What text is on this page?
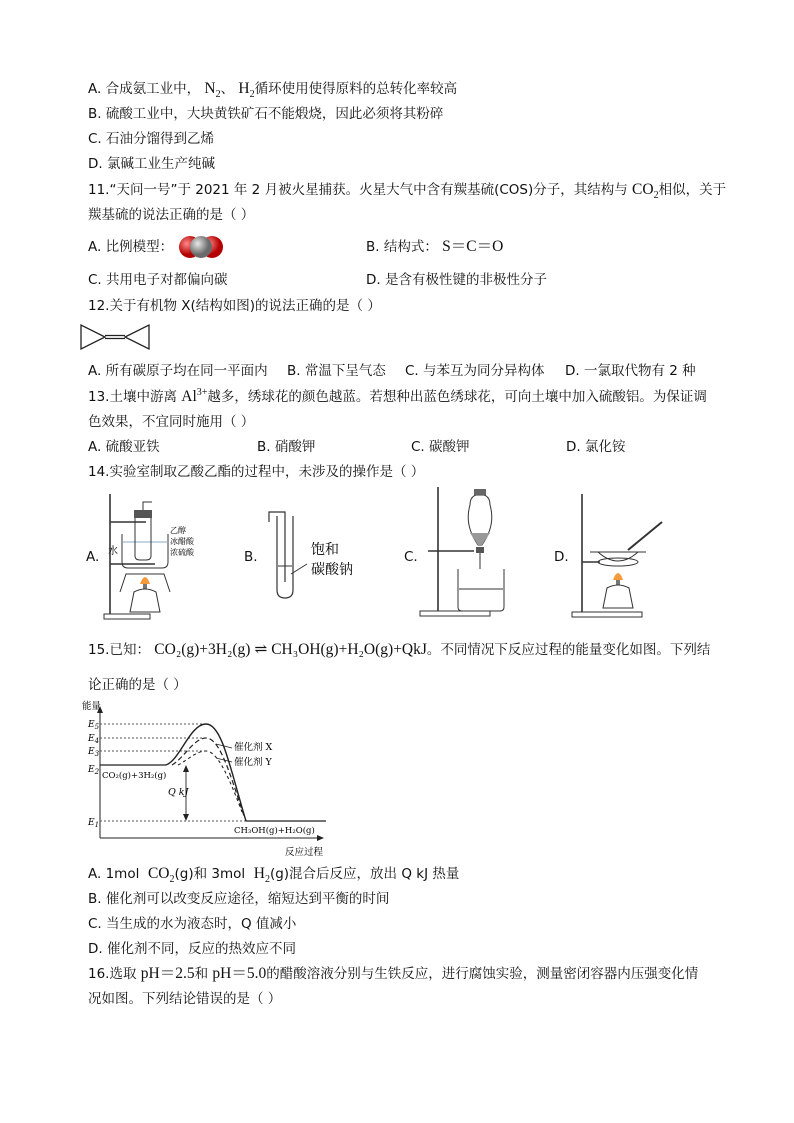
A. 合成氨工业中， $N_2$、 $H_2$循环使用使得原料的总转化率较高
B. 硫酸工业中，大块黄铁矿石不能煅烧，因此必须将其粉碎
C. 石油分馏得到乙烯
D. 氯碱工业生产纯碱
11.“天问一号”于 2021 年 2 月被火星捕获。火星大气中含有羰基硫(COS)分子，其结构与 $CO_2$相似，关于
羰基硫的说法正确的是（ ）
A. 比例模型：	B. 结构式： S＝C＝O
C. 共用电子对都偏向碳	D. 是含有极性键的非极性分子
12.关于有机物 X(结构如图)的说法正确的是（ ）
A. 所有碳原子均在同一平面内 B. 常温下呈气态 C. 与苯互为同分异构体 D. 一氯取代物有 2 种
13.土壤中游离 $Al^{3+}$越多，绣球花的颜色越蓝。若想种出蓝色绣球花，可向土壤中加入硫酸铝。为保证调
色效果，不宜同时施用（ ）
A. 硫酸亚铁	B. 硝酸钾	C. 碳酸钾	D. 氯化铵
14.实验室制取乙酸乙酯的过程中，未涉及的操作是（ ）
A. 水
乙醇
冰醋酸
浓硫酸	B.	饱和
碳酸钠
C.	D.
15.已知： CO₂(g)+3H₂(g) ⇌ CH₃OH(g)+H₂O(g)+QkJ。不同情况下反应过程的能量变化如图。下列结
论正确的是（ ）
能量
反应过程
$E_5$
$E_4$
$E_3$
$E_2$
$E_1$
催化剂 X
催化剂 Y
CO₂(g)+3H₂(g)
CH₃OH(g)+H₂O(g)
Q kJ
A. 1mol $CO_2(g)$和 3mol $H_2(g)$混合后反应，放出 Q kJ 热量
B. 催化剂可以改变反应途径，缩短达到平衡的时间
C. 当生成的水为液态时，Q 值减小
D. 催化剂不同，反应的热效应不同
16.选取 pH＝2.5和 pH＝5.0的醋酸溶液分别与生铁反应，进行腐蚀实验，测量密闭容器内压强变化情
况如图。下列结论错误的是（ ）
